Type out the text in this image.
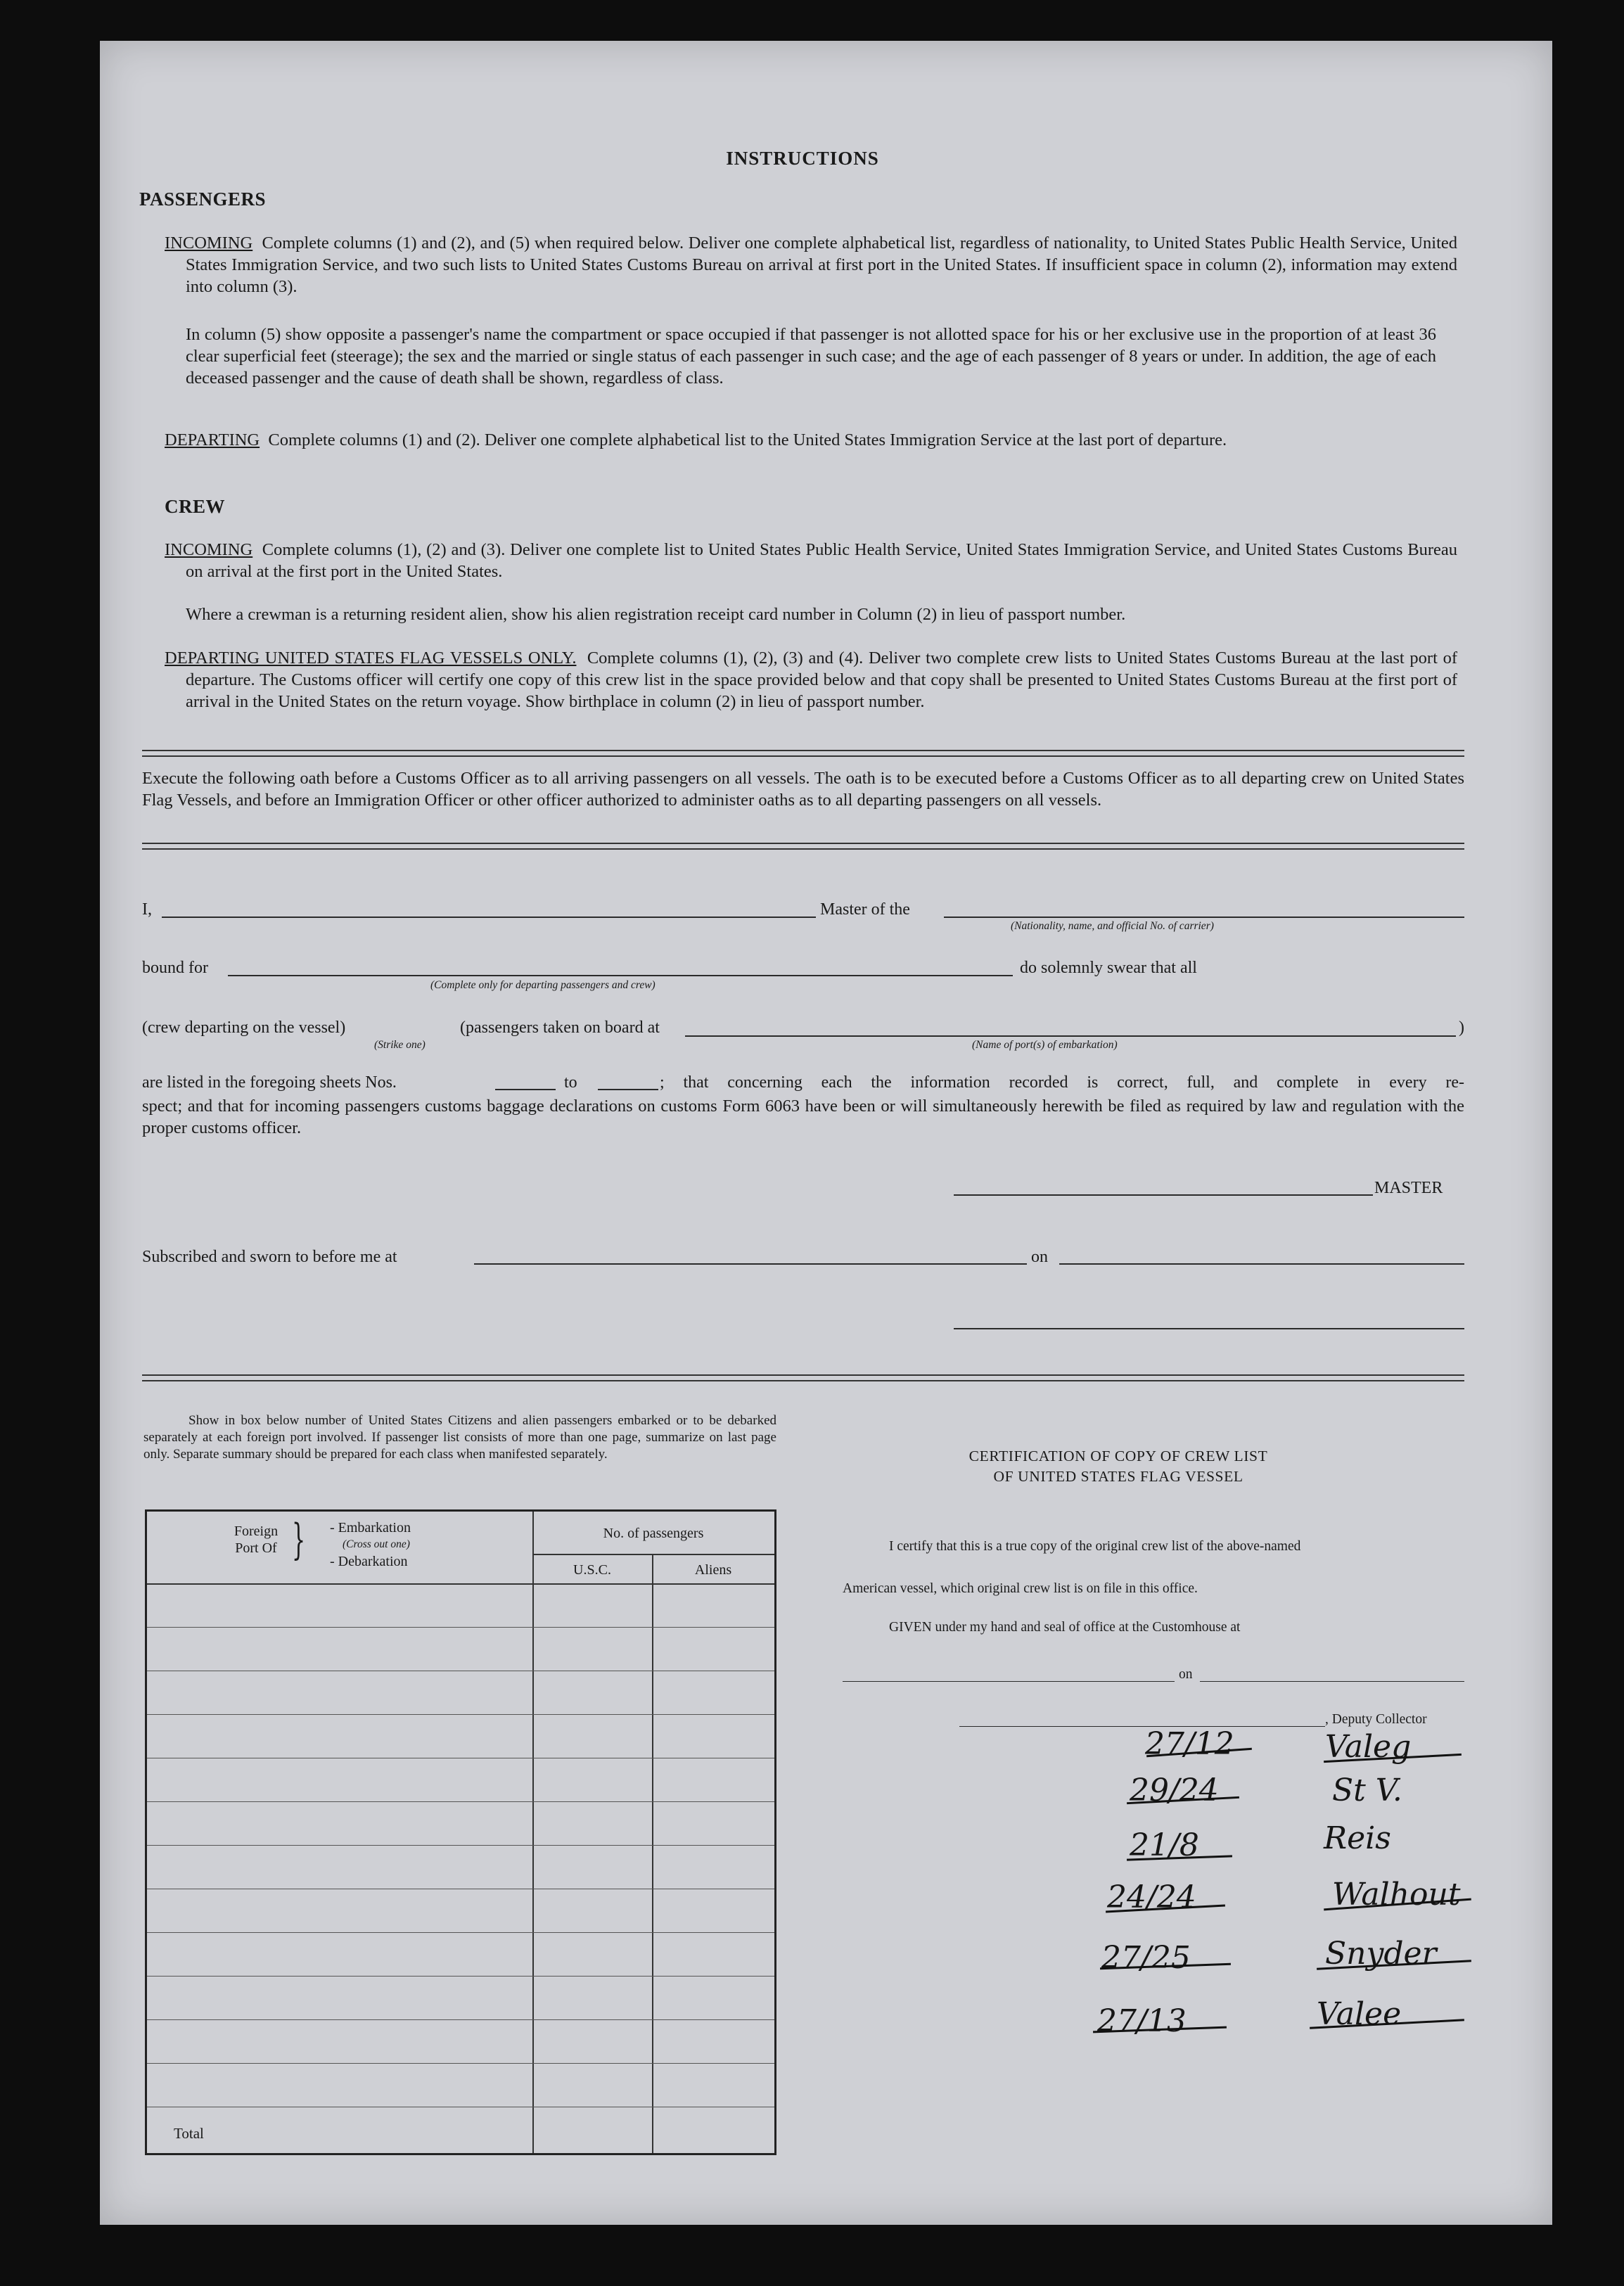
INSTRUCTIONS
PASSENGERS
INCOMING Complete columns (1) and (2), and (5) when required below. Deliver one complete alphabetical list, regardless of nationality, to United States Public Health Service, United States Immigration Service, and two such lists to United States Customs Bureau on arrival at first port in the United States. If insufficient space in column (2), information may extend into column (3).
In column (5) show opposite a passenger's name the compartment or space occupied if that passenger is not allotted space for his or her exclusive use in the proportion of at least 36 clear superficial feet (steerage); the sex and the married or single status of each passenger in such case; and the age of each passenger of 8 years or under. In addition, the age of each deceased passenger and the cause of death shall be shown, regardless of class.
DEPARTING Complete columns (1) and (2). Deliver one complete alphabetical list to the United States Immigration Service at the last port of departure.
CREW
INCOMING Complete columns (1), (2) and (3). Deliver one complete list to United States Public Health Service, United States Immigration Service, and United States Customs Bureau on arrival at the first port in the United States.
Where a crewman is a returning resident alien, show his alien registration receipt card number in Column (2) in lieu of passport number.
DEPARTING UNITED STATES FLAG VESSELS ONLY. Complete columns (1), (2), (3) and (4). Deliver two complete crew lists to United States Customs Bureau at the last port of departure. The Customs officer will certify one copy of this crew list in the space provided below and that copy shall be presented to United States Customs Bureau at the first port of arrival in the United States on the return voyage. Show birthplace in column (2) in lieu of passport number.
Execute the following oath before a Customs Officer as to all arriving passengers on all vessels. The oath is to be executed before a Customs Officer as to all departing crew on United States Flag Vessels, and before an Immigration Officer or other officer authorized to administer oaths as to all departing passengers on all vessels.
I,	Master of the
(Nationality, name, and official No. of carrier)
bound for
(Complete only for departing passengers and crew)
do solemnly swear that all
(crew departing on the vessel)	(passengers taken on board at	)
(Strike one)	(Name of port(s) of embarkation)
are listed in the foregoing sheets Nos.	to	; that concerning each the information recorded is correct, full, and complete in every re-
spect; and that for incoming passengers customs baggage declarations on customs Form 6063 have been or will simultaneously herewith be filed as required by law and regulation with the proper customs officer.
MASTER
Subscribed and sworn to before me at	on
Show in box below number of United States Citizens and alien passengers embarked or to be debarked separately at each foreign port involved. If passenger list consists of more than one page, summarize on last page only. Separate summary should be prepared for each class when manifested separately.
Foreign Port Of } - Embarkation
(Cross out one)
- Debarkation
No. of passengers
U.S.C.	Aliens
Total
CERTIFICATION OF COPY OF CREW LIST
OF UNITED STATES FLAG VESSEL
I certify that this is a true copy of the original crew list of the above-named
American vessel, which original crew list is on file in this office.
GIVEN under my hand and seal of office at the Customhouse at
on
, Deputy Collector
27/12	Valeg
29/24	St V.
21/8	Reis
24/24	Walhout
27/25	Snyder
27/13	Valee
